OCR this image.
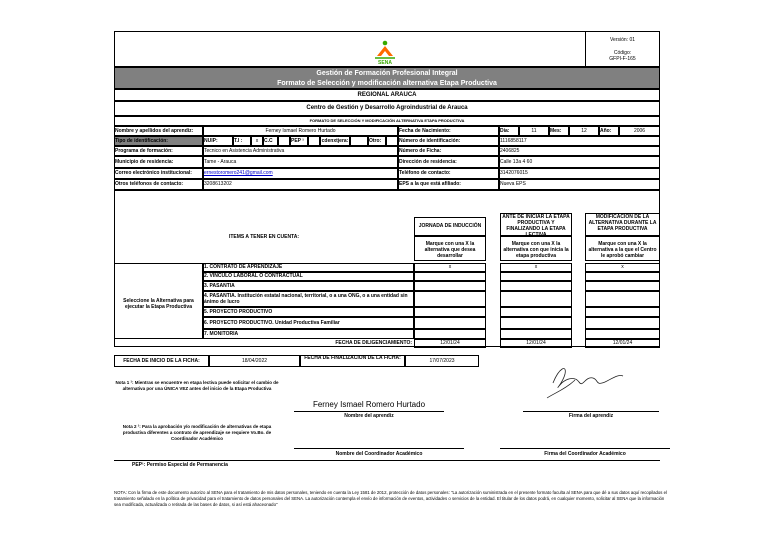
Versión: 01
Código:
GFPI-F-165
SENA
Gestión de Formación Profesional Integral
Formato de Selección y modificación alternativa Etapa Productiva
REGIONAL ARAUCA
Centro de Gestión y Desarrollo Agroindustrial de Arauca
FORMATO DE SELECCIÓN Y MODIFICACIÓN ALTERNATIVA ETAPA PRODUCTIVA
Nombre y apellidos del aprendiz:	Ferney Ismael Romero Hurtado	Fecha de Nacimiento:	Día:	11	Mes:	12	Año:	2006
Tipo de identificación:	NUIP:	T.I :	x	C.C	PEP ¹	cdenxtjera:	Otro:	Número de identificación:	1116858117
Programa de formación:	Tecnico en Asistencia Administrativa	Número de Ficha:	2406825
Municipio de residencia:	Tame - Arauca	Dirección de residencia:	Calle 13a 4 60
Correo electrónico institucional:	ernestoromero241@gmail.com	Teléfono de contacto:	3142076015
Otros teléfonos de contacto:	3208613202	EPS a la que está afiliado:	Nueva EPS
ITEMS A TENER EN CUENTA:
JORNADA DE INDUCCIÓN
Marque con una X la alternativa que desea desarrollar
ANTE DE INICIAR LA ETAPA PRODUCTIVA Y FINALIZANDO LA ETAPA LECTIVA
Marque con una X la alternativa con que inicia la etapa productiva
MODIFICACIÓN DE LA ALTERNATIVA DURANTE LA ETAPA PRODUCTIVA
Marque con una X la alternativa a la que el Centro le aprobó cambiar
Seleccione la Alternativa para ejecutar la Etapa Productiva
1. CONTRATO DE APRENDIZAJE	x	x	x
2. VINCULO LABORAL O CONTRACTUAL
3. PASANTIA
4. PASANTIA. Institución estatal nacional, territorial, o a una ONG, o a una entidad sin ánimo de lucro
5. PROYECTO PRODUCTIVO
6. PROYECTO PRODUCTIVO. Unidad Productiva Familiar
7. MONITORIA
FECHA DE DILIGENCIAMIENTO:	12/01/24	12/01/24	12/01/24
FECHA DE INICIO DE LA FICHA:	18/04/2022	FECHA DE FINALIZACIÓN DE LA FICHA:	17/07/2023
Nota 1 ¹: Mientras se encuentre en etapa lectiva puede solicitar el cambio de alternativa por una ÚNICA VEZ antes del inicio de la Etapa Productiva
Ferney Ismael Romero Hurtado
Nombre del aprendiz	Firma del aprendiz
Nota 2 ¹: Para la aprobación y/o modificación de alternativas de etapa productiva diferentes a contrato de aprendizaje se requiere Vo.Bo. de Coordinador Académico
Nombre del Coordinador Académico	Firma del Coordinador Académico
PEP¹: Permiso Especial de Permanencia
NOTA: Con la firma de este documento autorizo al SENA para el tratamiento de mis datos personales, teniendo en cuenta la Ley 1581 de 2012, protección de datos personales: "La autorización suministrada en el presente formato faculta al SENA para que dé a sus datos aquí recopilados el tratamiento señalado en la política de privacidad para el tratamiento de datos personales del SENA. La autorización contempla el envío de información de eventos, actividades o servicios de la entidad. El titular de los datos podrá, en cualquier momento, solicitar al SENA que la información sea modificada, actualizada o retirada de las bases de datos, si así está ahaceonado"
